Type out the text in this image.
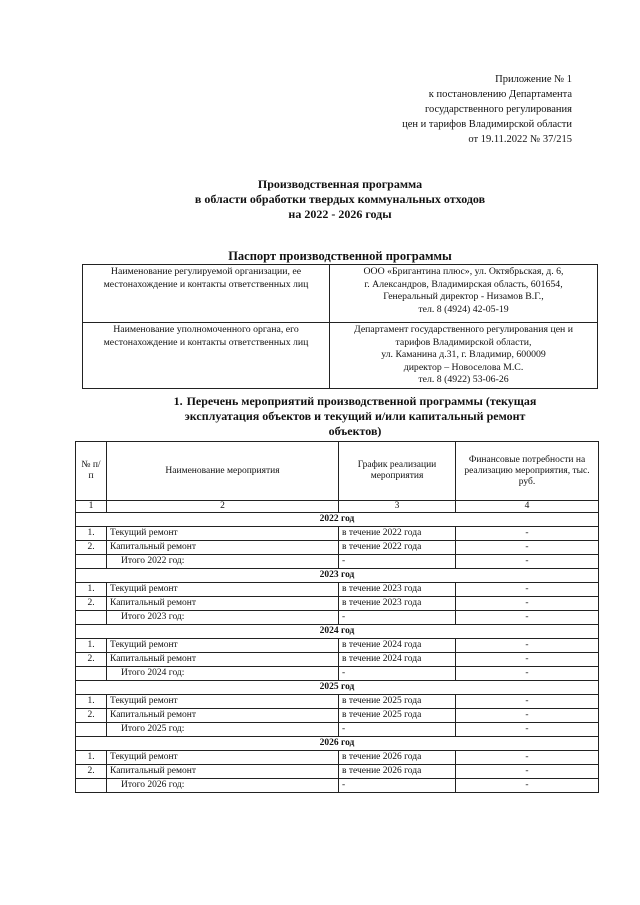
Приложение № 1
к постановлению Департамента
государственного регулирования
цен и тарифов Владимирской области
от 19.11.2022 № 37/215
Производственная программа
в области обработки твердых коммунальных отходов
на 2022 - 2026 годы
Паспорт производственной программы
Наименование регулируемой организации, ее местонахождение и контакты ответственных лиц	ООО «Бригантина плюс», ул. Октябрьская, д. 6,
г. Александров, Владимирская область, 601654,
Генеральный директор - Низамов В.Г.,
тел. 8 (4924) 42-05-19

Наименование уполномоченного органа, его местонахождение и контакты ответственных лиц	Департамент государственного регулирования цен и
тарифов Владимирской области,
ул. Каманина д.31, г. Владимир, 600009
директор – Новоселова М.С.
тел. 8 (4922) 53-06-26
1. Перечень мероприятий производственной программы (текущая
эксплуатация объектов и текущий и/или капитальный ремонт
объектов)
№ п/п	Наименование мероприятия	График реализации мероприятия	Финансовые потребности на реализацию мероприятия, тыс. руб.
1	2	3	4
2022 год			
1.	Текущий ремонт	в течение 2022 года	-
2.	Капитальный ремонт	в течение 2022 года	-
	Итого 2022 год:	-	-
2023 год			
1.	Текущий ремонт	в течение 2023 года	-
2.	Капитальный ремонт	в течение 2023 года	-
	Итого 2023 год:	-	-
2024 год			
1.	Текущий ремонт	в течение 2024 года	-
2.	Капитальный ремонт	в течение 2024 года	-
	Итого 2024 год:	-	-
2025 год			
1.	Текущий ремонт	в течение 2025 года	-
2.	Капитальный ремонт	в течение 2025 года	-
	Итого 2025 год:	-	-
2026 год			
1.	Текущий ремонт	в течение 2026 года	-
2.	Капитальный ремонт	в течение 2026 года	-
	Итого 2026 год:	-	-
